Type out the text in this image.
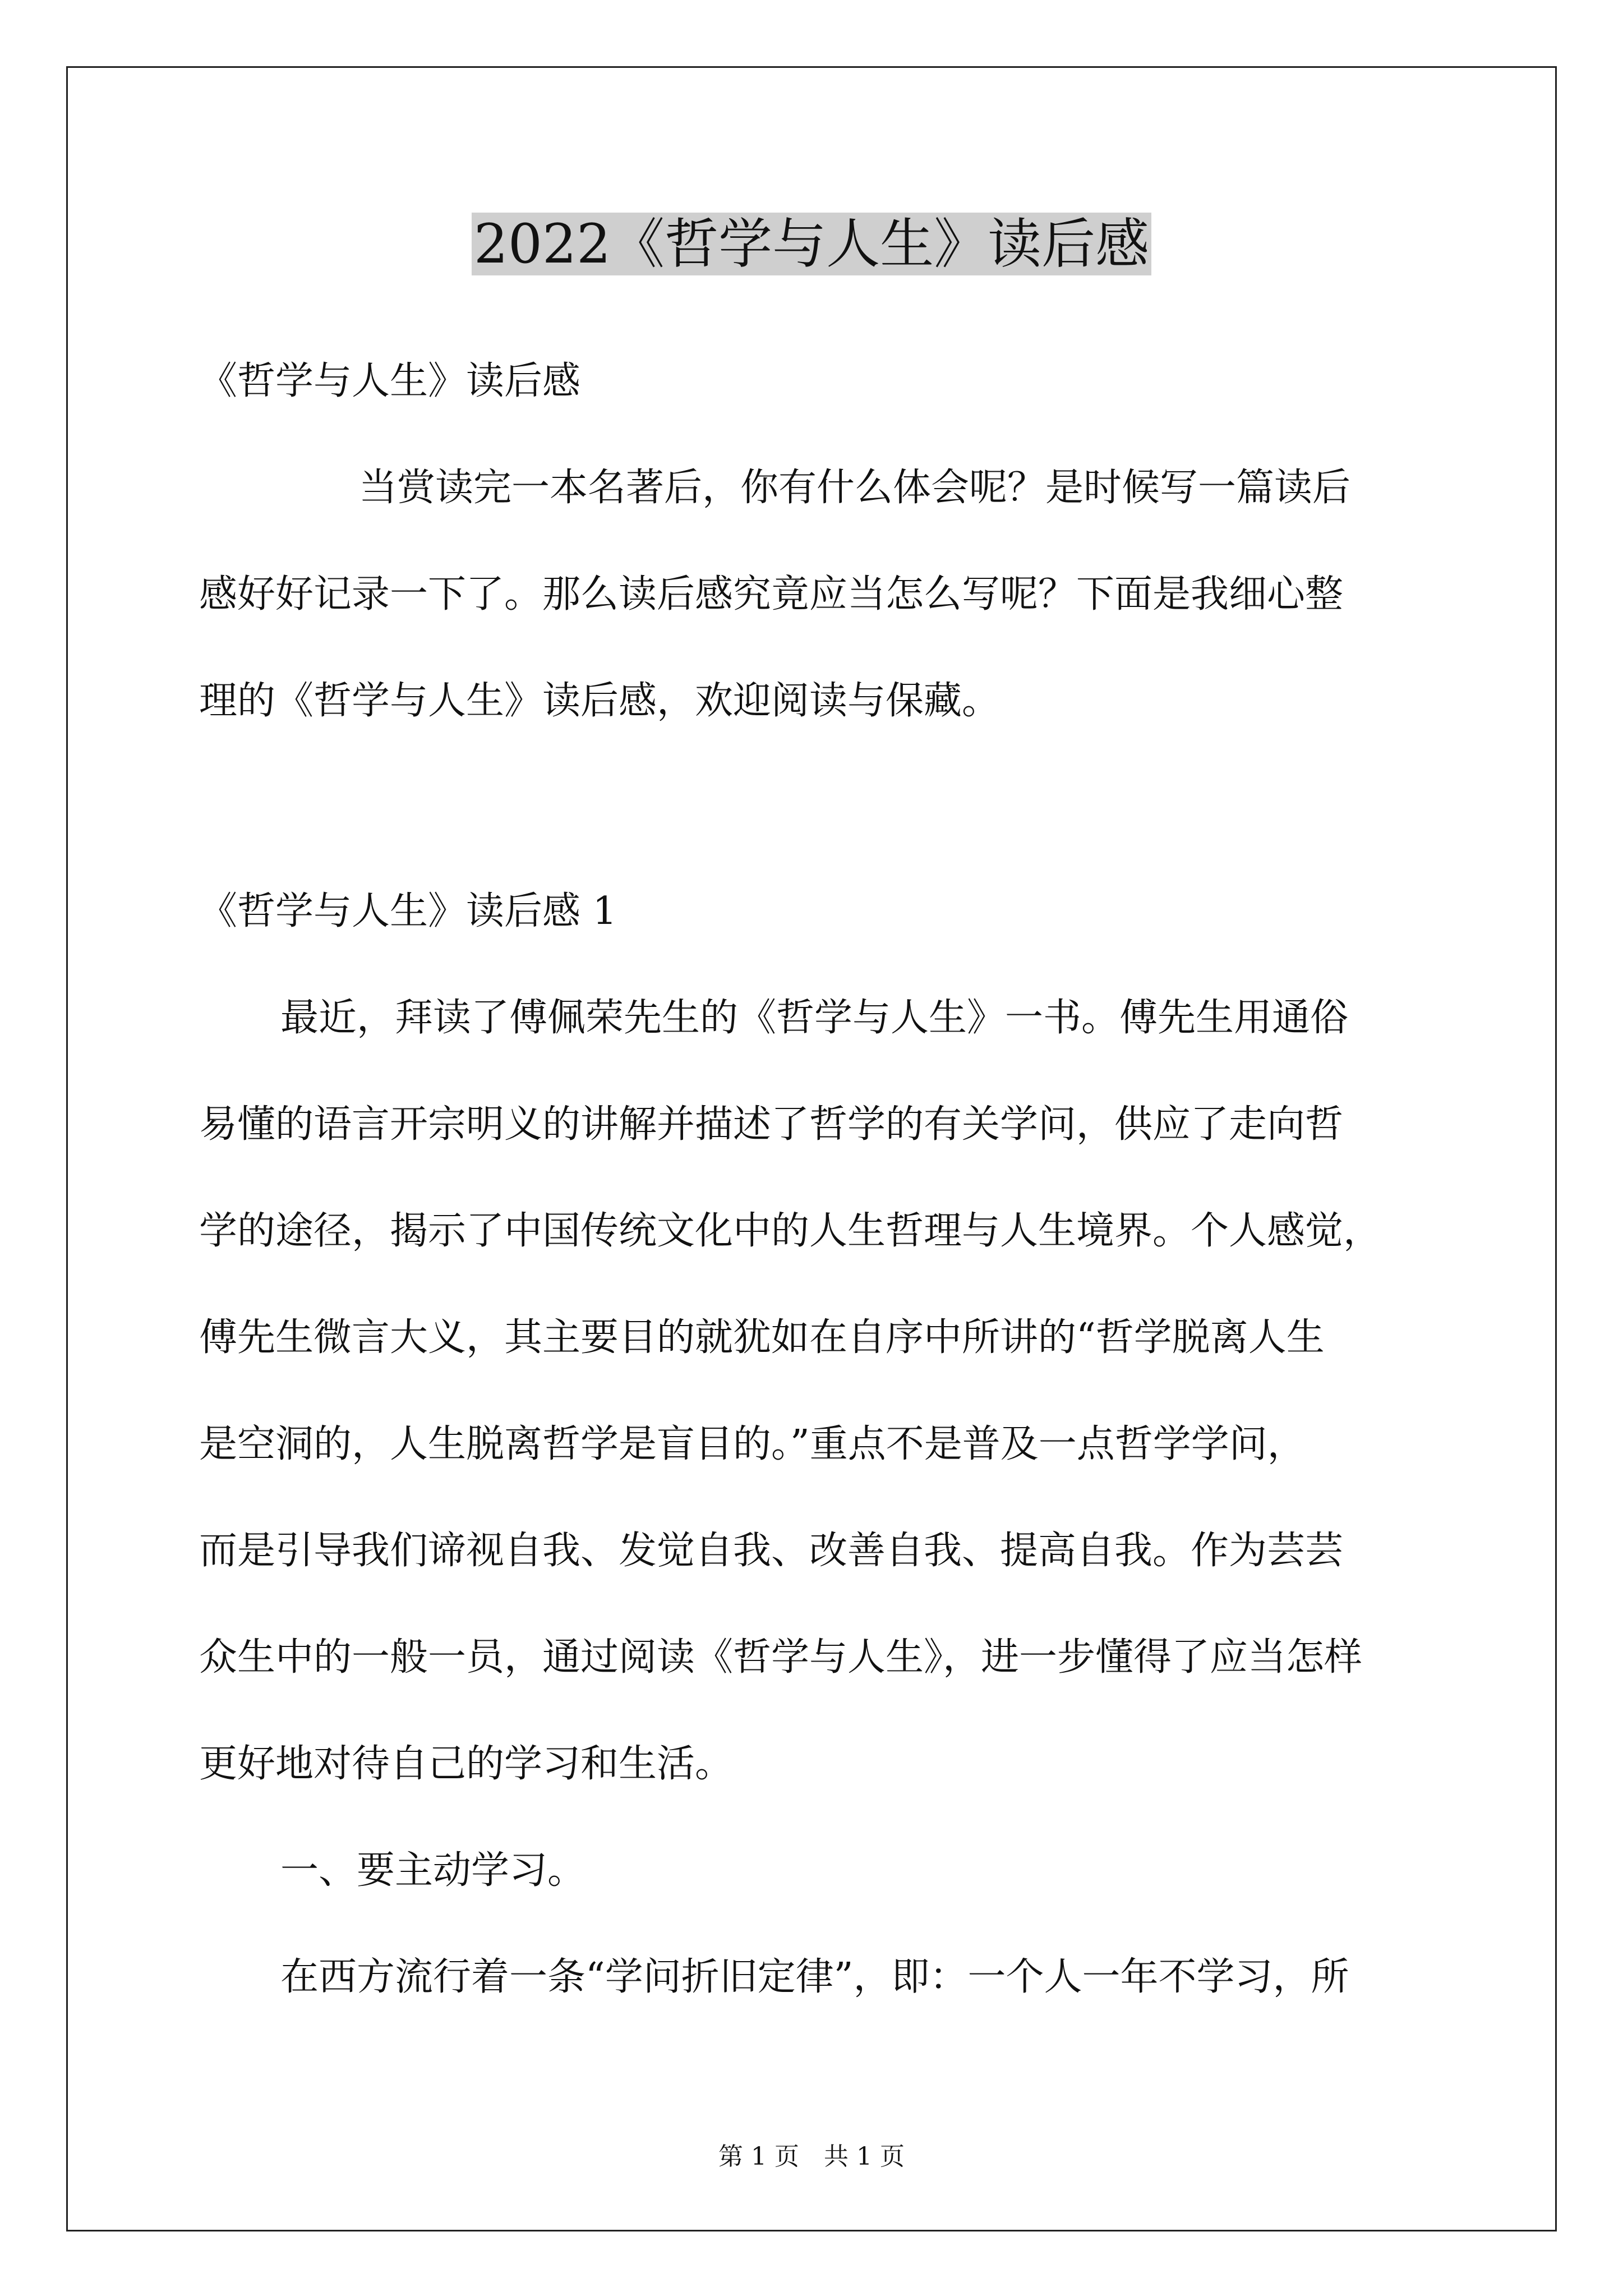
2022《哲学与人生》读后感
《哲学与人生》读后感
当赏读完一本名著后，你有什么体会呢？是时候写一篇读后
感好好记录一下了。那么读后感究竟应当怎么写呢？下面是我细心整
理的《哲学与人生》读后感，欢迎阅读与保藏。
《哲学与人生》读后感 1
最近，拜读了傅佩荣先生的《哲学与人生》一书。傅先生用通俗
易懂的语言开宗明义的讲解并描述了哲学的有关学问，供应了走向哲
学的途径，揭示了中国传统文化中的人生哲理与人生境界。个人感觉，
傅先生微言大义，其主要目的就犹如在自序中所讲的“哲学脱离人生
是空洞的，人生脱离哲学是盲目的。”重点不是普及一点哲学学问，
而是引导我们谛视自我、发觉自我、改善自我、提高自我。作为芸芸
众生中的一般一员，通过阅读《哲学与人生》，进一步懂得了应当怎样
更好地对待自己的学习和生活。
一、要主动学习。
在西方流行着一条“学问折旧定律”，即：一个人一年不学习，所
第 1 页　共 1 页
